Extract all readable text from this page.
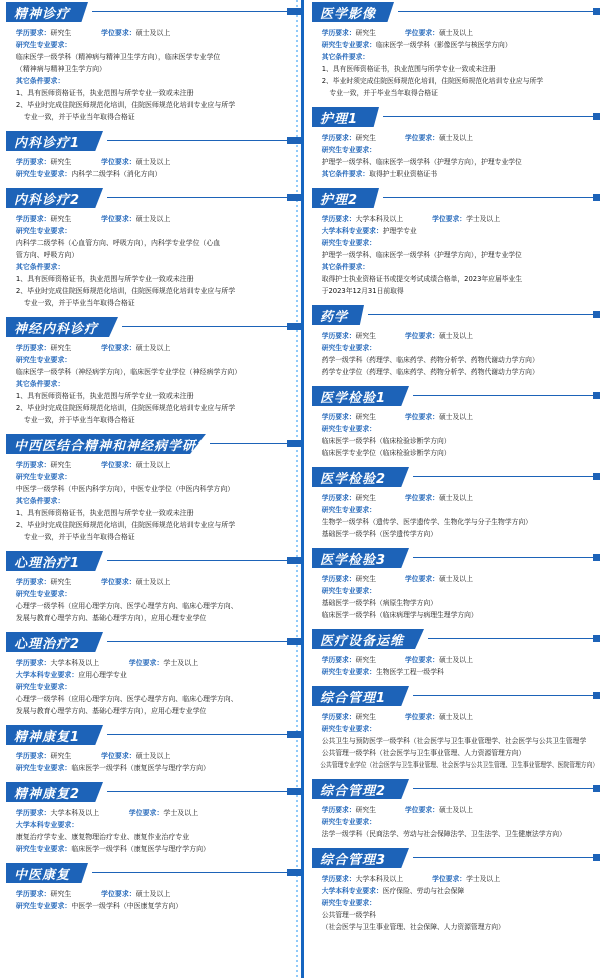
精神诊疗
学历要求：研究生	学位要求：硕士及以上
研究生专业要求：
临床医学一级学科（精神病与精神卫生学方向），临床医学专业学位
（精神病与精神卫生学方向）
其它条件要求：
1、具有医师资格证书，执业范围与所学专业一致或未注册
2、毕业时完成住院医师规范化培训，住院医师规范化培训专业应与所学
专业一致，并于毕业当年取得合格证
内科诊疗1
学历要求：研究生	学位要求：硕士及以上
研究生专业要求：内科学二级学科（消化方向）
内科诊疗2
学历要求：研究生	学位要求：硕士及以上
研究生专业要求：
内科学二级学科（心血管方向、呼吸方向），内科学专业学位（心血
管方向、呼吸方向）
其它条件要求：
1、具有医师资格证书，执业范围与所学专业一致或未注册
2、毕业时完成住院医师规范化培训，住院医师规范化培训专业应与所学
专业一致，并于毕业当年取得合格证
神经内科诊疗
学历要求：研究生	学位要求：硕士及以上
研究生专业要求：
临床医学一级学科（神经病学方向），临床医学专业学位（神经病学方向）
其它条件要求：
1、具有医师资格证书，执业范围与所学专业一致或未注册
2、毕业时完成住院医师规范化培训，住院医师规范化培训专业应与所学
专业一致，并于毕业当年取得合格证
中西医结合精神和神经病学研究
学历要求：研究生	学位要求：硕士及以上
研究生专业要求：
中医学一级学科（中医内科学方向），中医专业学位（中医内科学方向）
其它条件要求：
1、具有医师资格证书，执业范围与所学专业一致或未注册
2、毕业时完成住院医师规范化培训，住院医师规范化培训专业应与所学
专业一致，并于毕业当年取得合格证
心理治疗1
学历要求：研究生	学位要求：硕士及以上
研究生专业要求：
心理学一级学科（应用心理学方向、医学心理学方向、临床心理学方向、
发展与教育心理学方向、基础心理学方向），应用心理专业学位
心理治疗2
学历要求：大学本科及以上	学位要求：学士及以上
大学本科专业要求：应用心理学专业
研究生专业要求：
心理学一级学科（应用心理学方向、医学心理学方向、临床心理学方向、
发展与教育心理学方向、基础心理学方向），应用心理专业学位
精神康复1
学历要求：研究生	学位要求：硕士及以上
研究生专业要求：临床医学一级学科（康复医学与理疗学方向）
精神康复2
学历要求：大学本科及以上	学位要求：学士及以上
大学本科专业要求：
康复治疗学专业、康复物理治疗专业、康复作业治疗专业
研究生专业要求：临床医学一级学科（康复医学与理疗学方向）
中医康复
学历要求：研究生	学位要求：硕士及以上
研究生专业要求：中医学一级学科（中医康复学方向）
医学影像
学历要求：研究生	学位要求：硕士及以上
研究生专业要求：临床医学一级学科（影像医学与核医学方向）
其它条件要求：
1、具有医师资格证书，执业范围与所学专业一致或未注册
2、毕业时须完成住院医师规范化培训，住院医师规范化培训专业应与所学
专业一致，并于毕业当年取得合格证
护理1
学历要求：研究生	学位要求：硕士及以上
研究生专业要求：
护理学一级学科、临床医学一级学科（护理学方向），护理专业学位
其它条件要求：取得护士职业资格证书
护理2
学历要求：大学本科及以上	学位要求：学士及以上
大学本科专业要求：护理学专业
研究生专业要求：
护理学一级学科、临床医学一级学科（护理学方向），护理专业学位
其它条件要求：
取得护士执业资格证书或提交考试成绩合格单，2023年应届毕业生
于2023年12月31日前取得
药学
学历要求：研究生	学位要求：硕士及以上
研究生专业要求：
药学一级学科（药理学、临床药学、药物分析学、药物代谢动力学方向）
药学专业学位（药理学、临床药学、药物分析学、药物代谢动力学方向）
医学检验1
学历要求：研究生	学位要求：硕士及以上
研究生专业要求：
临床医学一级学科（临床检验诊断学方向）
临床医学专业学位（临床检验诊断学方向）
医学检验2
学历要求：研究生	学位要求：硕士及以上
研究生专业要求：
生物学一级学科（遗传学、医学遗传学、生物化学与分子生物学方向）
基础医学一级学科（医学遗传学方向）
医学检验3
学历要求：研究生	学位要求：硕士及以上
研究生专业要求：
基础医学一级学科（病原生物学方向）
临床医学一级学科（临床病理学与病理生理学方向）
医疗设备运维
学历要求：研究生	学位要求：硕士及以上
研究生专业要求：生物医学工程一级学科
综合管理1
学历要求：研究生	学位要求：硕士及以上
研究生专业要求：
公共卫生与预防医学一级学科（社会医学与卫生事业管理学、社会医学与公共卫生管理学
公共管理一级学科（社会医学与卫生事业管理、人力资源管理方向）
公共管理专业学位（社会医学与卫生事业管理、社会医学与公共卫生管理、卫生事业管理学、医院管理方向）
综合管理2
学历要求：研究生	学位要求：硕士及以上
研究生专业要求：
法学一级学科（民商法学、劳动与社会保障法学、卫生法学、卫生健康法学方向）
综合管理3
学历要求：大学本科及以上	学位要求：学士及以上
大学本科专业要求：医疗保险、劳动与社会保障
研究生专业要求：
公共管理一级学科
（社会医学与卫生事业管理、社会保障、人力资源管理方向）
